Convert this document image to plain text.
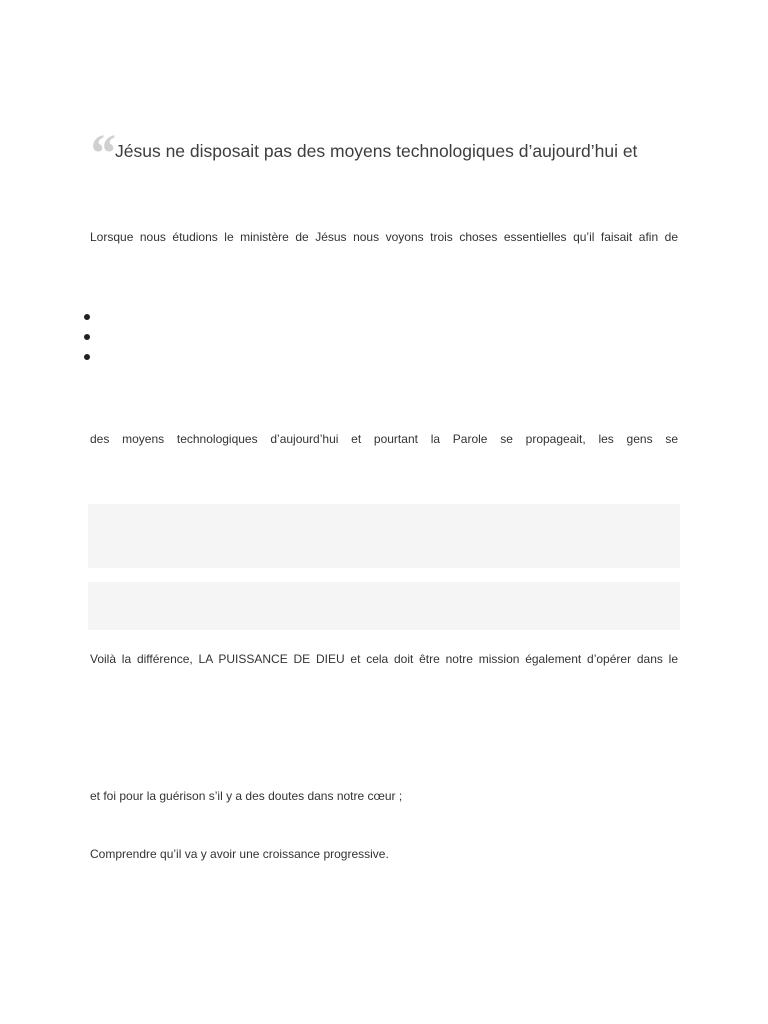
“ Jésus ne disposait pas des moyens technologiques d’aujourd’hui et
Lorsque nous étudions le ministère de Jésus nous voyons trois choses essentielles qu’il faisait afin de
des moyens technologiques d’aujourd’hui et pourtant la Parole se propageait, les gens se
Voilà la différence, LA PUISSANCE DE DIEU et cela doit être notre mission également d’opérer dans le
et foi pour la guérison s’il y a des doutes dans notre cœur ;
Comprendre qu’il va y avoir une croissance progressive.
